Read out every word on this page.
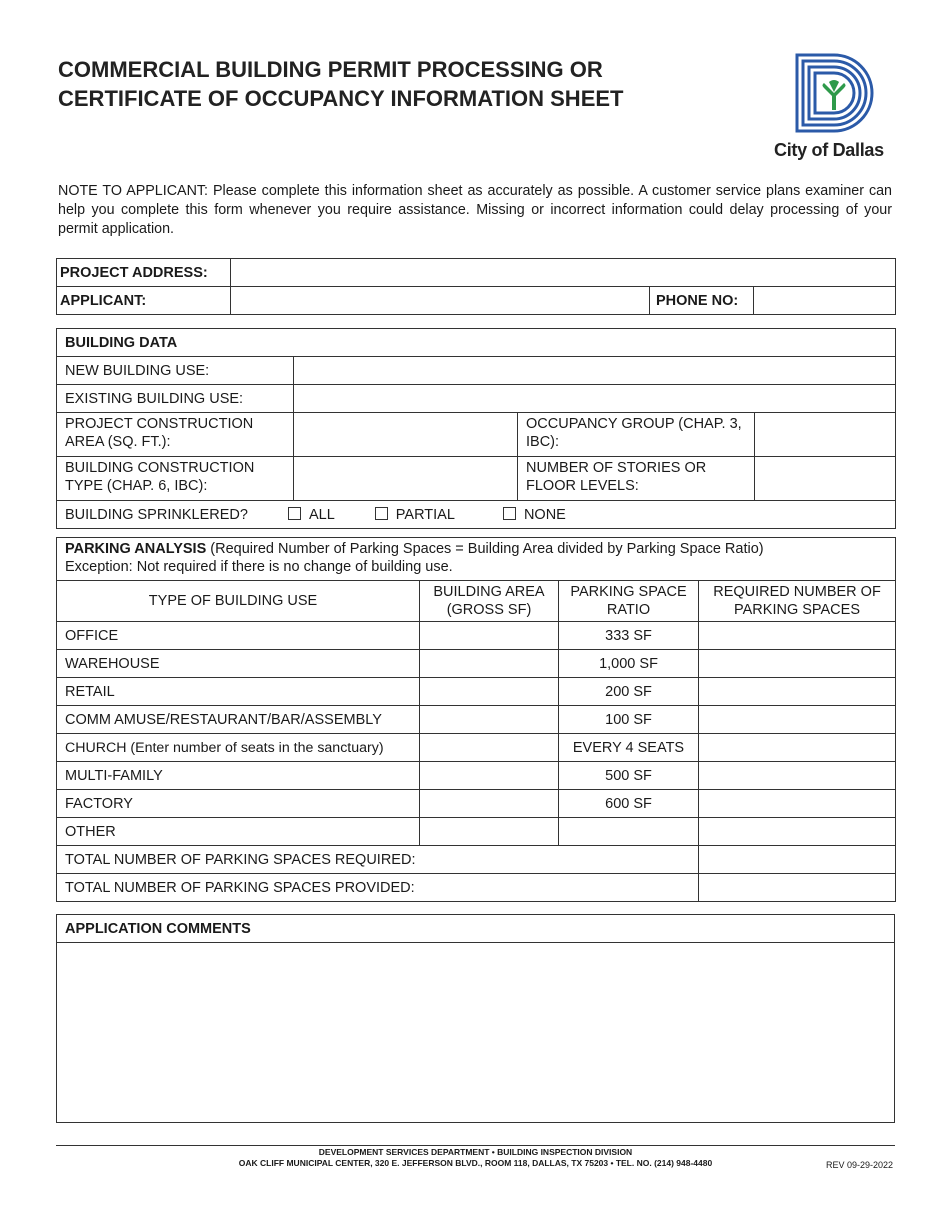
COMMERCIAL BUILDING PERMIT PROCESSING OR
CERTIFICATE OF OCCUPANCY INFORMATION SHEET
City of Dallas

NOTE TO APPLICANT: Please complete this information sheet as accurately as possible. A customer service plans examiner can help you complete this form whenever you require assistance. Missing or incorrect information could delay processing of your permit application.

PROJECT ADDRESS:			
APPLICANT:		PHONE NO:	
BUILDING DATA			
NEW BUILDING USE:			
EXISTING BUILDING USE:			
PROJECT CONSTRUCTION AREA (SQ. FT.):		OCCUPANCY GROUP (CHAP. 3, IBC):	
BUILDING CONSTRUCTION TYPE (CHAP. 6, IBC):		NUMBER OF STORIES OR FLOOR LEVELS:	
BUILDING SPRINKLERED? ALL PARTIAL NONE			
PARKING ANALYSIS (Required Number of Parking Spaces = Building Area divided by Parking Space Ratio)
Exception: Not required if there is no change of building use.			
TYPE OF BUILDING USE	BUILDING AREA (GROSS SF)	PARKING SPACE RATIO	REQUIRED NUMBER OF PARKING SPACES
OFFICE		333 SF	
WAREHOUSE		1,000 SF	
RETAIL		200 SF	
COMM AMUSE/RESTAURANT/BAR/ASSEMBLY		100 SF	
CHURCH (Enter number of seats in the sanctuary)		EVERY 4 SEATS	
MULTI-FAMILY		500 SF	
FACTORY		600 SF	
OTHER			
TOTAL NUMBER OF PARKING SPACES REQUIRED:			
TOTAL NUMBER OF PARKING SPACES PROVIDED:			
APPLICATION COMMENTS

DEVELOPMENT SERVICES DEPARTMENT • BUILDING INSPECTION DIVISION
OAK CLIFF MUNICIPAL CENTER, 320 E. JEFFERSON BLVD., ROOM 118, DALLAS, TX 75203 • TEL. NO. (214) 948-4480	REV 09-29-2022
